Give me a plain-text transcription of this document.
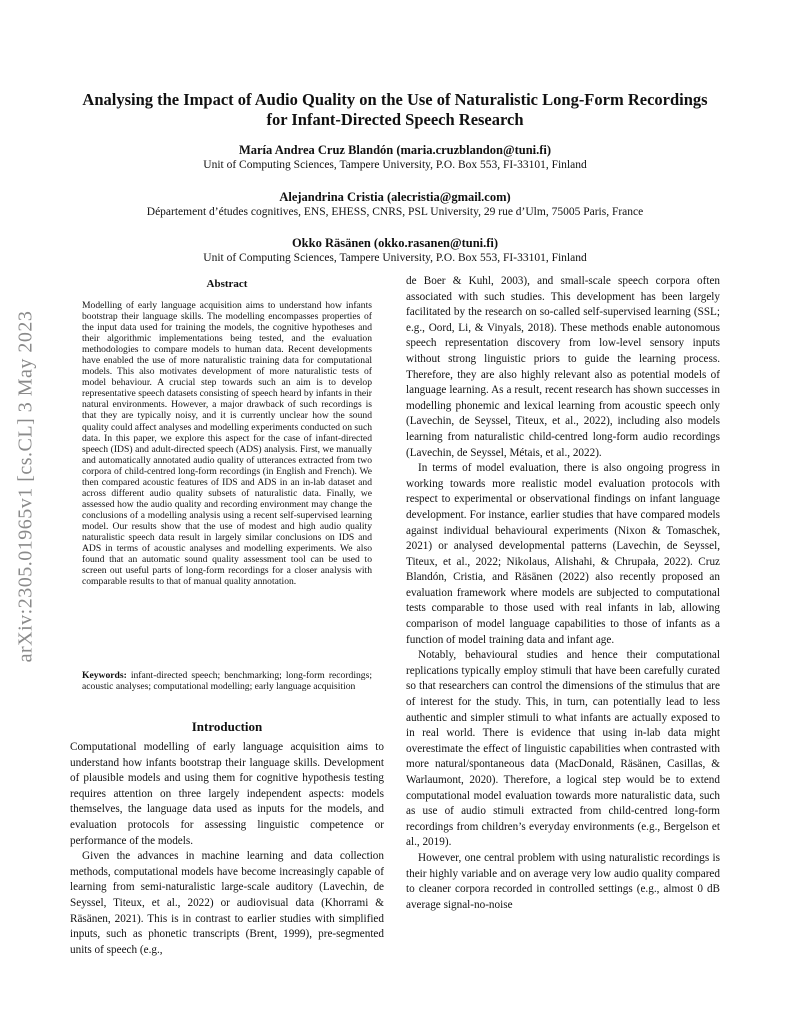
arXiv:2305.01965v1 [cs.CL] 3 May 2023
Analysing the Impact of Audio Quality on the Use of Naturalistic Long-Form Recordings for Infant-Directed Speech Research
María Andrea Cruz Blandón (maria.cruzblandon@tuni.fi)
Unit of Computing Sciences, Tampere University, P.O. Box 553, FI-33101, Finland
Alejandrina Cristia (alecristia@gmail.com)
Département d’études cognitives, ENS, EHESS, CNRS, PSL University, 29 rue d’Ulm, 75005 Paris, France
Okko Räsänen (okko.rasanen@tuni.fi)
Unit of Computing Sciences, Tampere University, P.O. Box 553, FI-33101, Finland
Abstract
Modelling of early language acquisition aims to understand how infants bootstrap their language skills. The modelling encompasses properties of the input data used for training the models, the cognitive hypotheses and their algorithmic implementations being tested, and the evaluation methodologies to compare models to human data. Recent developments have enabled the use of more naturalistic training data for computational models. This also motivates development of more naturalistic tests of model behaviour. A crucial step towards such an aim is to develop representative speech datasets consisting of speech heard by infants in their natural environments. However, a major drawback of such recordings is that they are typically noisy, and it is currently unclear how the sound quality could affect analyses and modelling experiments conducted on such data. In this paper, we explore this aspect for the case of infant-directed speech (IDS) and adult-directed speech (ADS) analysis. First, we manually and automatically annotated audio quality of utterances extracted from two corpora of child-centred long-form recordings (in English and French). We then compared acoustic features of IDS and ADS in an in-lab dataset and across different audio quality subsets of naturalistic data. Finally, we assessed how the audio quality and recording environment may change the conclusions of a modelling analysis using a recent self-supervised learning model. Our results show that the use of modest and high audio quality naturalistic speech data result in largely similar conclusions on IDS and ADS in terms of acoustic analyses and modelling experiments. We also found that an automatic sound quality assessment tool can be used to screen out useful parts of long-form recordings for a closer analysis with comparable results to that of manual quality annotation.
Keywords: infant-directed speech; benchmarking; long-form recordings; acoustic analyses; computational modelling; early language acquisition
Introduction

Computational modelling of early language acquisition aims to understand how infants bootstrap their language skills. Development of plausible models and using them for cognitive hypothesis testing requires attention on three largely independent aspects: models themselves, the language data used as inputs for the models, and evaluation protocols for assessing linguistic competence or performance of the models.

Given the advances in machine learning and data collection methods, computational models have become increasingly capable of learning from semi-naturalistic large-scale auditory (Lavechin, de Seyssel, Titeux, et al., 2022) or audiovisual data (Khorrami & Räsänen, 2021). This is in contrast to earlier studies with simplified inputs, such as phonetic transcripts (Brent, 1999), pre-segmented units of speech (e.g.,

de Boer & Kuhl, 2003), and small-scale speech corpora often associated with such studies. This development has been largely facilitated by the research on so-called self-supervised learning (SSL; e.g., Oord, Li, & Vinyals, 2018). These methods enable autonomous speech representation discovery from low-level sensory inputs without strong linguistic priors to guide the learning process. Therefore, they are also highly relevant also as potential models of language learning. As a result, recent research has shown successes in modelling phonemic and lexical learning from acoustic speech only (Lavechin, de Seyssel, Titeux, et al., 2022), including also models learning from naturalistic child-centred long-form audio recordings (Lavechin, de Seyssel, Métais, et al., 2022).

In terms of model evaluation, there is also ongoing progress in working towards more realistic model evaluation protocols with respect to experimental or observational findings on infant language development. For instance, earlier studies that have compared models against individual behavioural experiments (Nixon & Tomaschek, 2021) or analysed developmental patterns (Lavechin, de Seyssel, Titeux, et al., 2022; Nikolaus, Alishahi, & Chrupała, 2022). Cruz Blandón, Cristia, and Räsänen (2022) also recently proposed an evaluation framework where models are subjected to computational tests comparable to those used with real infants in lab, allowing comparison of model language capabilities to those of infants as a function of model training data and infant age.

Notably, behavioural studies and hence their computational replications typically employ stimuli that have been carefully curated so that researchers can control the dimensions of the stimulus that are of interest for the study. This, in turn, can potentially lead to less authentic and simpler stimuli to what infants are actually exposed to in real world. There is evidence that using in-lab data might overestimate the effect of linguistic capabilities when contrasted with more natural/spontaneous data (MacDonald, Räsänen, Casillas, & Warlaumont, 2020). Therefore, a logical step would be to extend computational model evaluation towards more naturalistic data, such as use of audio stimuli extracted from child-centred long-form recordings from children’s everyday environments (e.g., Bergelson et al., 2019).

However, one central problem with using naturalistic recordings is their highly variable and on average very low audio quality compared to cleaner corpora recorded in controlled settings (e.g., almost 0 dB average signal-no-noise
